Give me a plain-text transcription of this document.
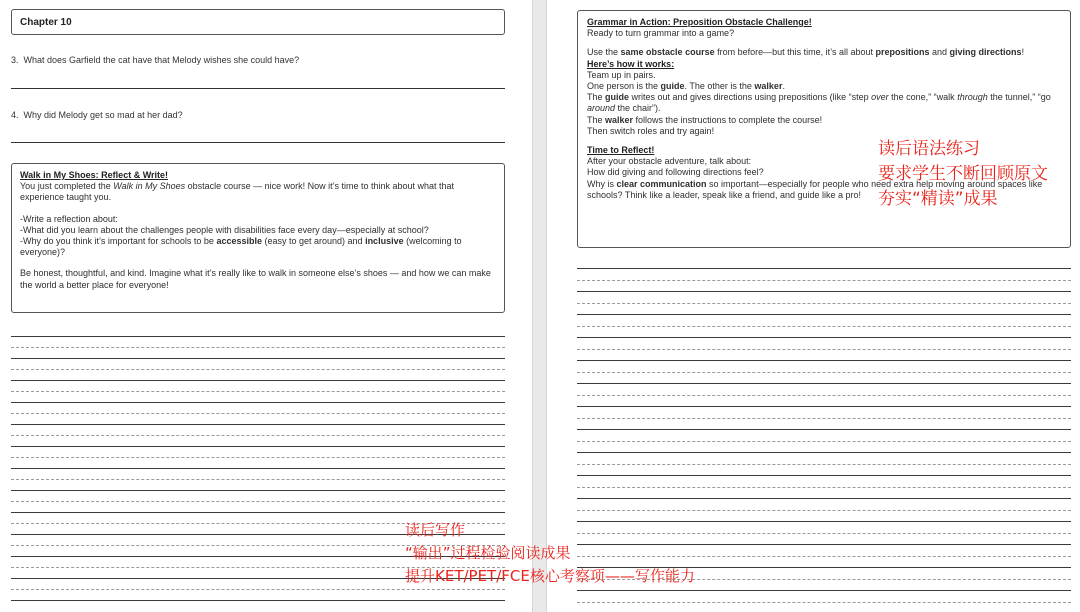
Chapter 10
3. What does Garfield the cat have that Melody wishes she could have?
4. Why did Melody get so mad at her dad?

Walk in My Shoes: Reflect & Write!

You just completed the Walk in My Shoes obstacle course — nice work! Now it’s time to think about what that experience taught you.

-Write a reflection about:

-What did you learn about the challenges people with disabilities face every day—especially at school?

-Why do you think it’s important for schools to be accessible (easy to get around) and inclusive (welcoming to everyone)?

Be honest, thoughtful, and kind. Imagine what it’s really like to walk in someone else’s shoes — and how we can make the world a better place for everyone!

Grammar in Action: Preposition Obstacle Challenge!

Ready to turn grammar into a game?

Use the same obstacle course from before—but this time, it’s all about prepositions and giving directions!

Here’s how it works:

Team up in pairs.

One person is the guide. The other is the walker.

The guide writes out and gives directions using prepositions (like “step over the cone,” “walk through the tunnel,” “go around the chair”).

The walker follows the instructions to complete the course!

Then switch roles and try again!

Time to Reflect!

After your obstacle adventure, talk about:

How did giving and following directions feel?

Why is clear communication so important—especially for people who need extra help moving around spaces like schools? Think like a leader, speak like a friend, and guide like a pro!

读后语法练习
要求学生不断回顾原文
夯实“精读”成果
读后写作
“输出”过程检验阅读成果
提升KET/PET/FCE核心考察项——写作能力
